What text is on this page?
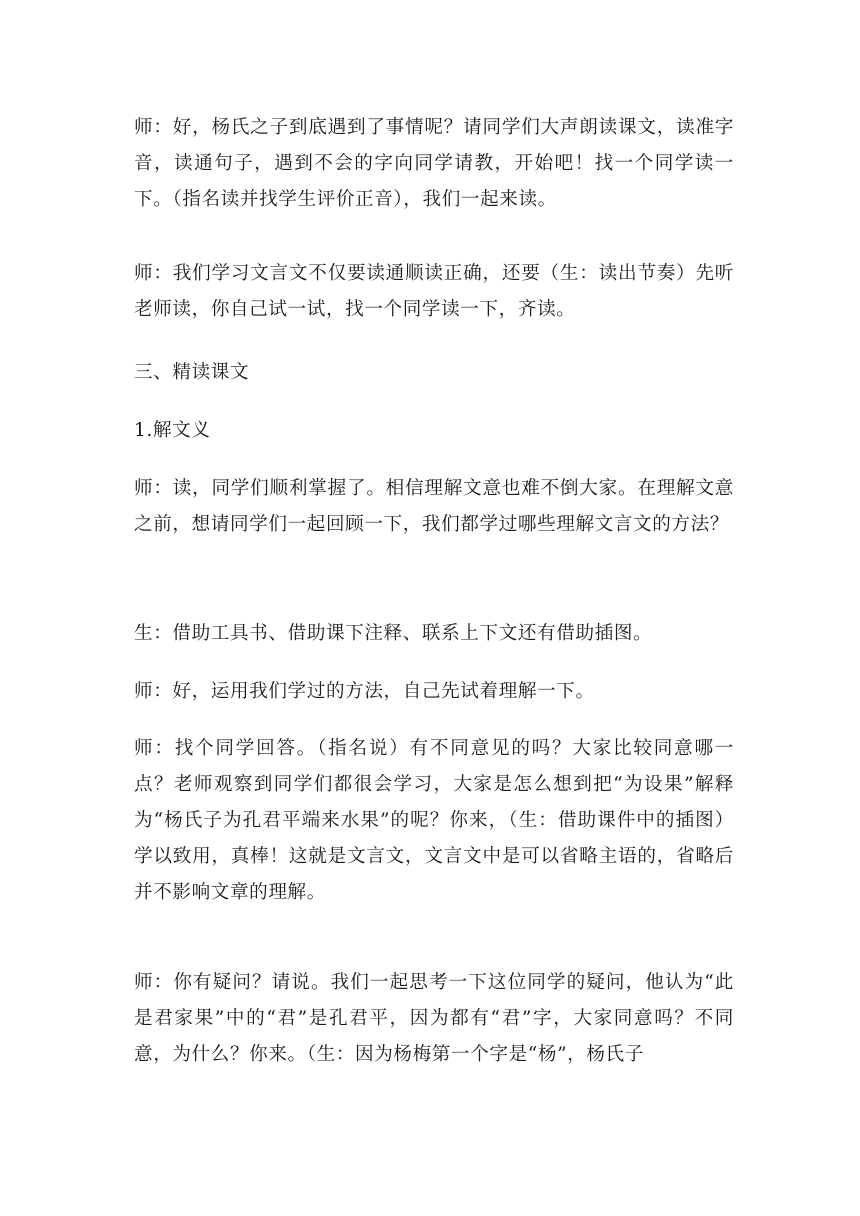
师：好，杨氏之子到底遇到了事情呢？请同学们大声朗读课文，读准字音，读通句子，遇到不会的字向同学请教，开始吧！找一个同学读一下。（指名读并找学生评价正音），我们一起来读。

师：我们学习文言文不仅要读通顺读正确，还要（生：读出节奏）先听老师读，你自己试一试，找一个同学读一下，齐读。

三、精读课文

1.解文义

师：读，同学们顺利掌握了。相信理解文意也难不倒大家。在理解文意之前，想请同学们一起回顾一下，我们都学过哪些理解文言文的方法？

生：借助工具书、借助课下注释、联系上下文还有借助插图。

师：好，运用我们学过的方法，自己先试着理解一下。

师：找个同学回答。（指名说）有不同意见的吗？大家比较同意哪一点？老师观察到同学们都很会学习，大家是怎么想到把“为设果”解释为“杨氏子为孔君平端来水果”的呢？你来，（生：借助课件中的插图）学以致用，真棒！这就是文言文，文言文中是可以省略主语的，省略后并不影响文章的理解。

师：你有疑问？请说。我们一起思考一下这位同学的疑问，他认为“此是君家果”中的“君”是孔君平，因为都有“君”字，大家同意吗？不同意，为什么？你来。（生：因为杨梅第一个字是“杨”，杨氏子
